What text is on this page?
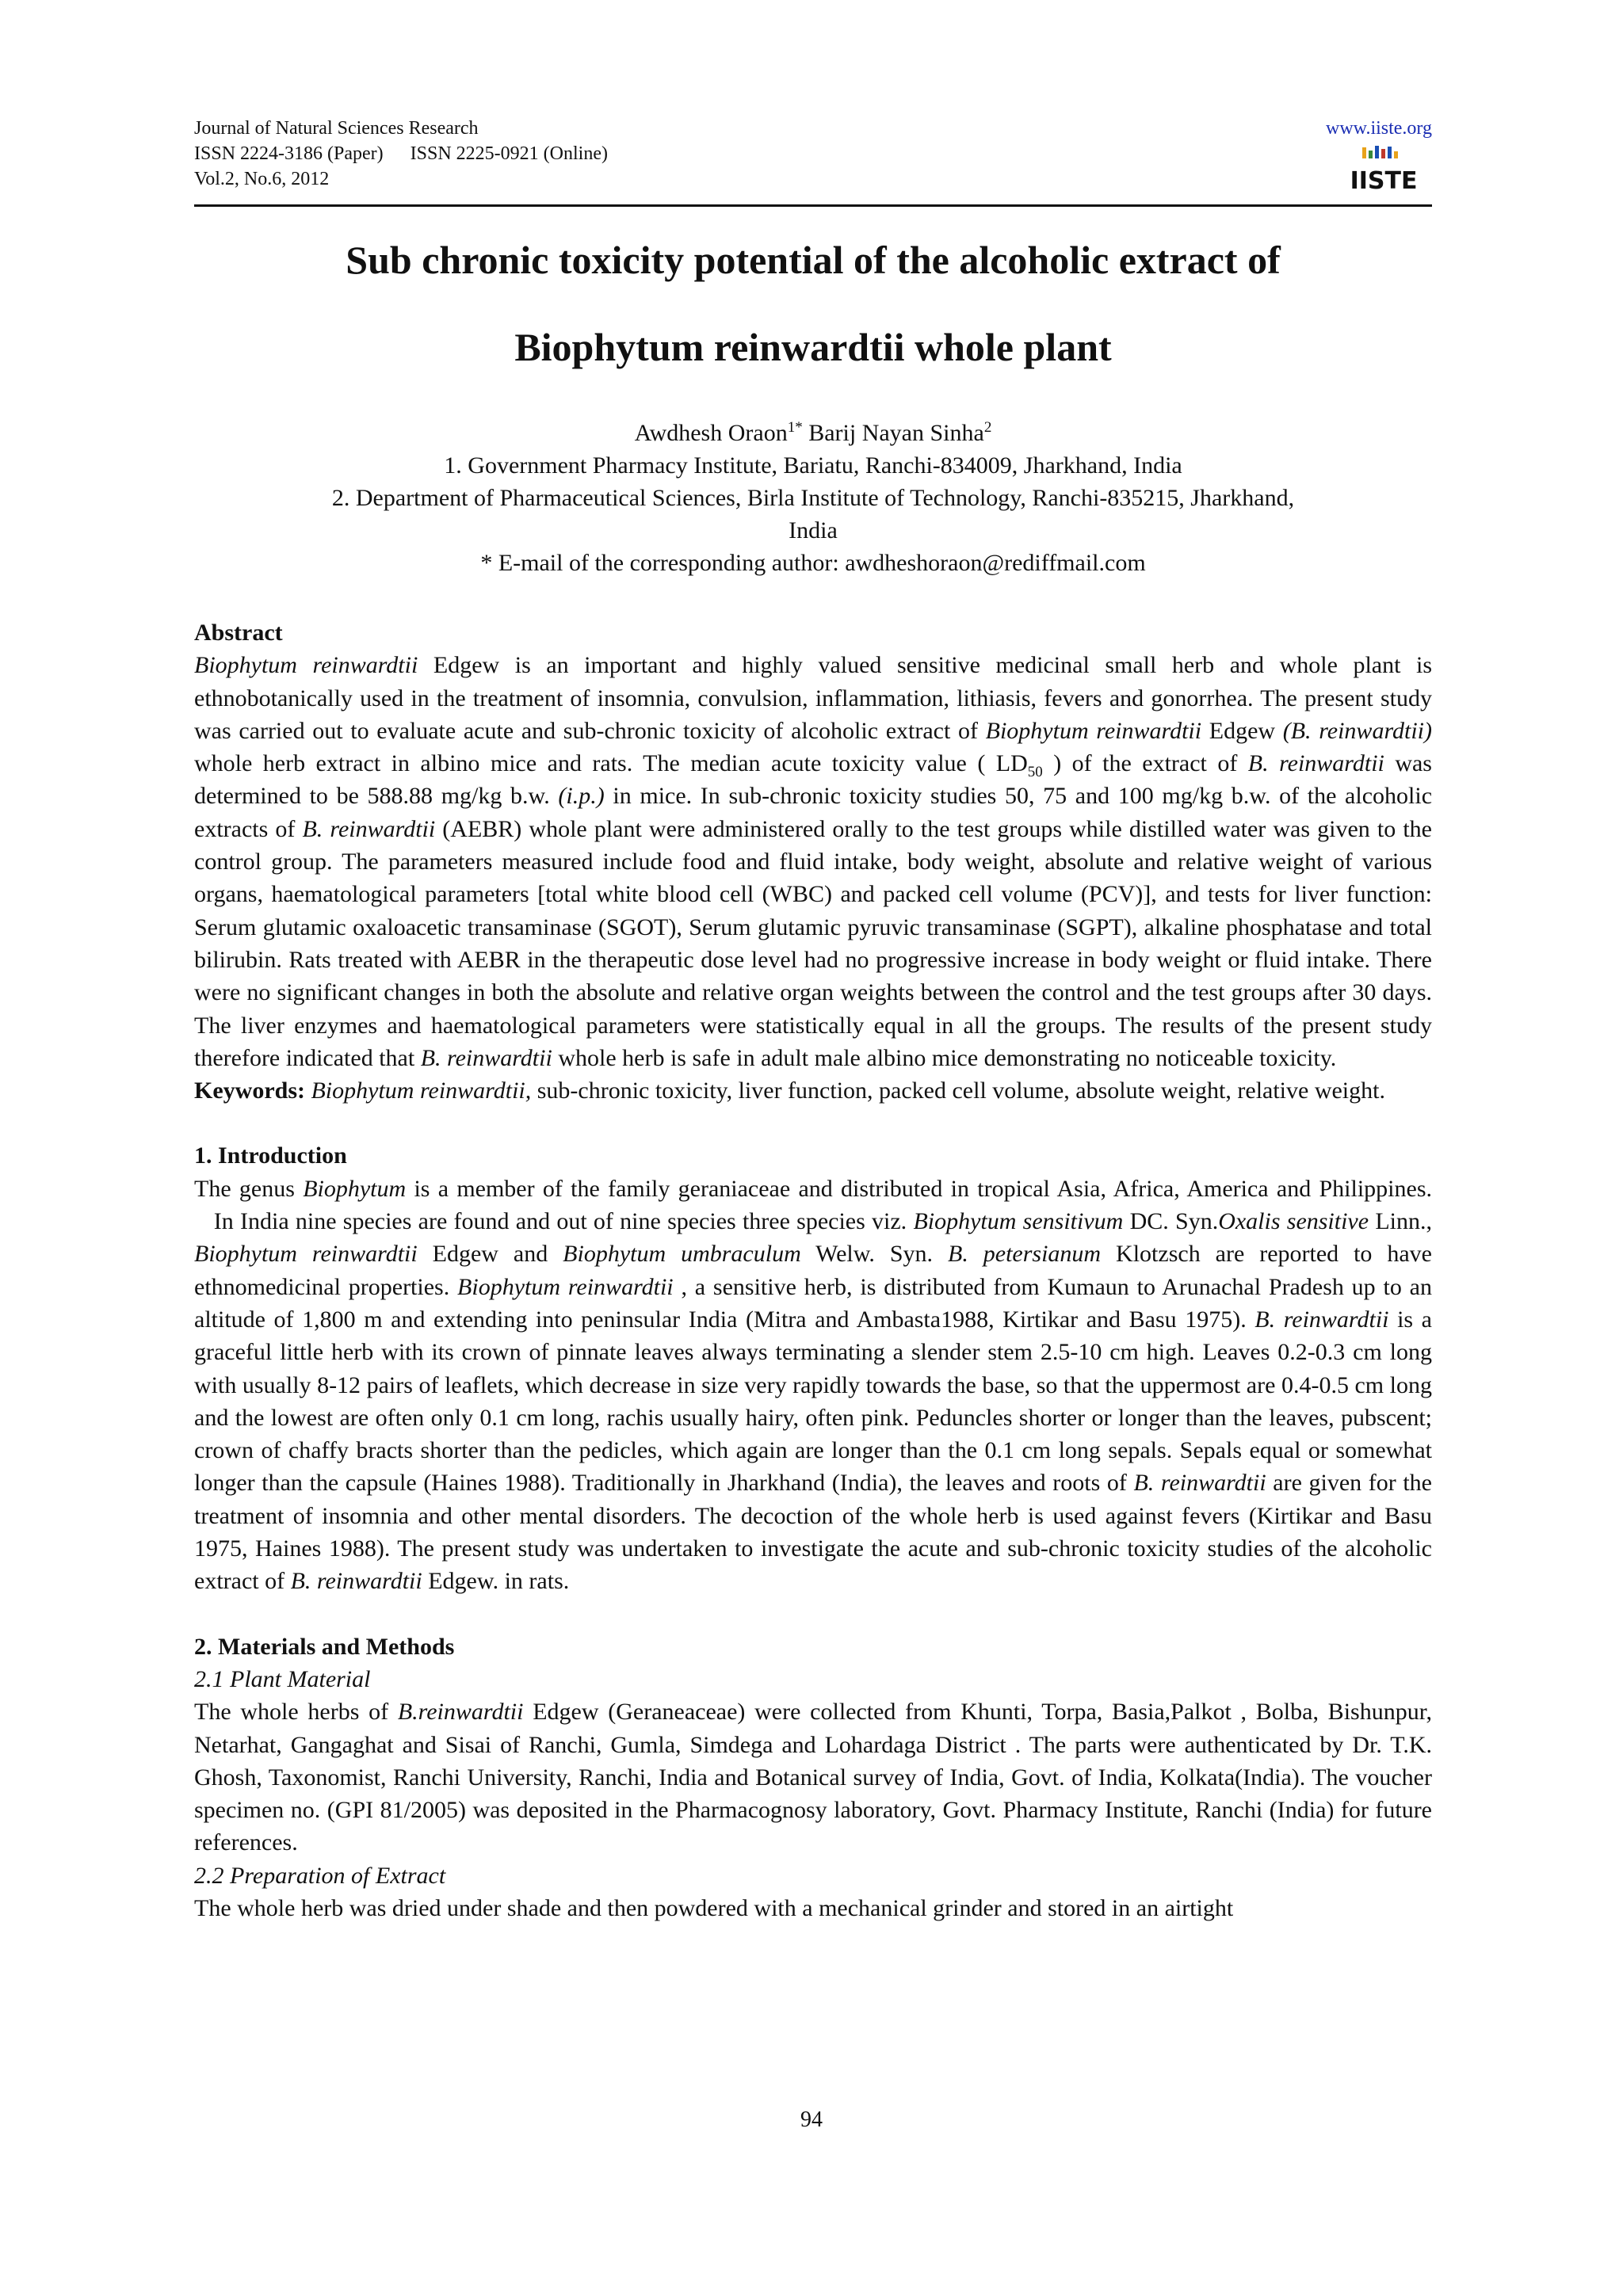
Journal of Natural Sciences Research
ISSN 2224-3186 (Paper) ISSN 2225-0921 (Online)
Vol.2, No.6, 2012
www.iiste.org
IISTE
Sub chronic toxicity potential of the alcoholic extract of
Biophytum reinwardtii whole plant
Awdhesh Oraon$^{1*}$ Barij Nayan Sinha$^2$
1. Government Pharmacy Institute, Bariatu, Ranchi-834009, Jharkhand, India
2. Department of Pharmaceutical Sciences, Birla Institute of Technology, Ranchi-835215, Jharkhand,
India
* E-mail of the corresponding author: awdheshoraon@rediffmail.com

Abstract

Biophytum reinwardtii Edgew is an important and highly valued sensitive medicinal small herb and whole plant is ethnobotanically used in the treatment of insomnia, convulsion, inflammation, lithiasis, fevers and gonorrhea. The present study was carried out to evaluate acute and sub-chronic toxicity of alcoholic extract of Biophytum reinwardtii Edgew (B. reinwardtii) whole herb extract in albino mice and rats. The median acute toxicity value ( $LD_{50}$ ) of the extract of B. reinwardtii was determined to be 588.88 mg/kg b.w. (i.p.) in mice. In sub-chronic toxicity studies 50, 75 and 100 mg/kg b.w. of the alcoholic extracts of B. reinwardtii (AEBR) whole plant were administered orally to the test groups while distilled water was given to the control group. The parameters measured include food and fluid intake, body weight, absolute and relative weight of various organs, haematological parameters [total white blood cell (WBC) and packed cell volume (PCV)], and tests for liver function: Serum glutamic oxaloacetic transaminase (SGOT), Serum glutamic pyruvic transaminase (SGPT), alkaline phosphatase and total bilirubin. Rats treated with AEBR in the therapeutic dose level had no progressive increase in body weight or fluid intake. There were no significant changes in both the absolute and relative organ weights between the control and the test groups after 30 days. The liver enzymes and haematological parameters were statistically equal in all the groups. The results of the present study therefore indicated that B. reinwardtii whole herb is safe in adult male albino mice demonstrating no noticeable toxicity.

Keywords: Biophytum reinwardtii, sub-chronic toxicity, liver function, packed cell volume, absolute weight, relative weight.

1. Introduction

The genus Biophytum is a member of the family geraniaceae and distributed in tropical Asia, Africa, America and Philippines.    In India nine species are found and out of nine species three species viz. Biophytum sensitivum DC. Syn.Oxalis sensitive Linn., Biophytum reinwardtii Edgew and Biophytum umbraculum Welw. Syn. B. petersianum Klotzsch are reported to have ethnomedicinal properties. Biophytum reinwardtii , a sensitive herb, is distributed from Kumaun to Arunachal Pradesh up to an altitude of 1,800 m and extending into peninsular India (Mitra and Ambasta1988, Kirtikar and Basu 1975). B. reinwardtii is a graceful little herb with its crown of pinnate leaves always terminating a slender stem 2.5-10 cm high. Leaves 0.2-0.3 cm long with usually 8-12 pairs of leaflets, which decrease in size very rapidly towards the base, so that the uppermost are 0.4-0.5 cm long and the lowest are often only 0.1 cm long, rachis usually hairy, often pink. Peduncles shorter or longer than the leaves, pubscent; crown of chaffy bracts shorter than the pedicles, which again are longer than the 0.1 cm long sepals. Sepals equal or somewhat longer than the capsule (Haines 1988). Traditionally in Jharkhand (India), the leaves and roots of B. reinwardtii are given for the treatment of insomnia and other mental disorders. The decoction of the whole herb is used against fevers (Kirtikar and Basu 1975, Haines 1988). The present study was undertaken to investigate the acute and sub-chronic toxicity studies of the alcoholic extract of B. reinwardtii Edgew. in rats.

2. Materials and Methods

2.1 Plant Material

The whole herbs of B.reinwardtii Edgew (Geraneaceae) were collected from Khunti, Torpa, Basia,Palkot , Bolba, Bishunpur, Netarhat, Gangaghat and Sisai of Ranchi, Gumla, Simdega and Lohardaga District . The parts were authenticated by Dr. T.K. Ghosh, Taxonomist, Ranchi University, Ranchi, India and Botanical survey of India, Govt. of India, Kolkata(India). The voucher specimen no. (GPI 81/2005) was deposited in the Pharmacognosy laboratory, Govt. Pharmacy Institute, Ranchi (India) for future references.

2.2 Preparation of Extract

The whole herb was dried under shade and then powdered with a mechanical grinder and stored in an airtight

94
